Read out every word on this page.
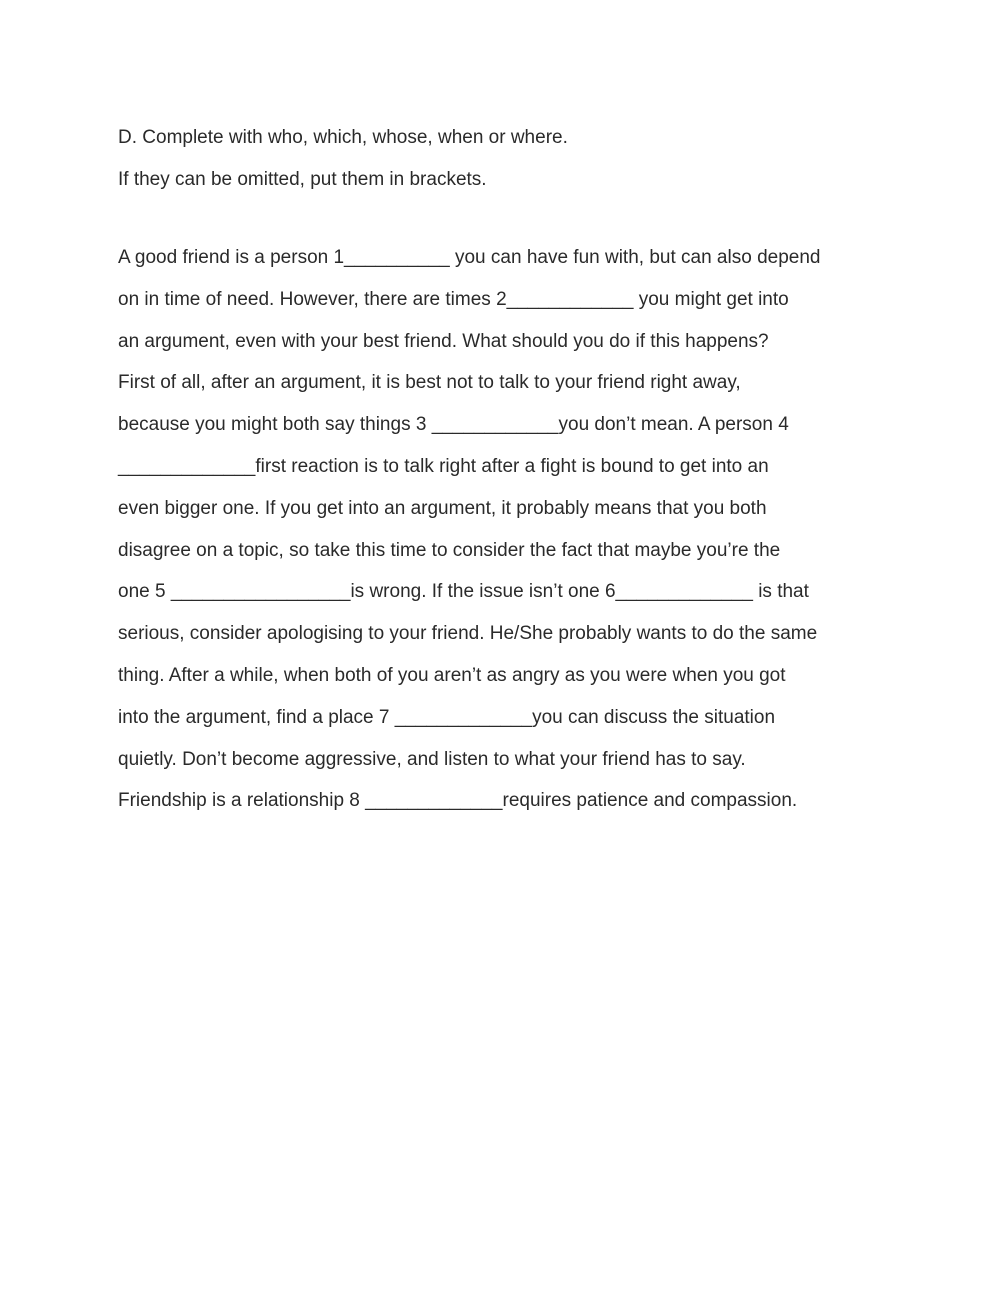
D. Complete with who, which, whose, when or where.
If they can be omitted, put them in brackets.
A good friend is a person 1__________ you can have fun with, but can also depend
on in time of need. However, there are times 2____________ you might get into
an argument, even with your best friend. What should you do if this happens?
First of all, after an argument, it is best not to talk to your friend right away,
because you might both say things 3 ____________you don’t mean. A person 4
_____________first reaction is to talk right after a fight is bound to get into an
even bigger one. If you get into an argument, it probably means that you both
disagree on a topic, so take this time to consider the fact that maybe you’re the
one 5 _________________is wrong. If the issue isn’t one 6_____________ is that
serious, consider apologising to your friend. He/She probably wants to do the same
thing. After a while, when both of you aren’t as angry as you were when you got
into the argument, find a place 7 _____________you can discuss the situation
quietly. Don’t become aggressive, and listen to what your friend has to say.
Friendship is a relationship 8 _____________requires patience and compassion.
